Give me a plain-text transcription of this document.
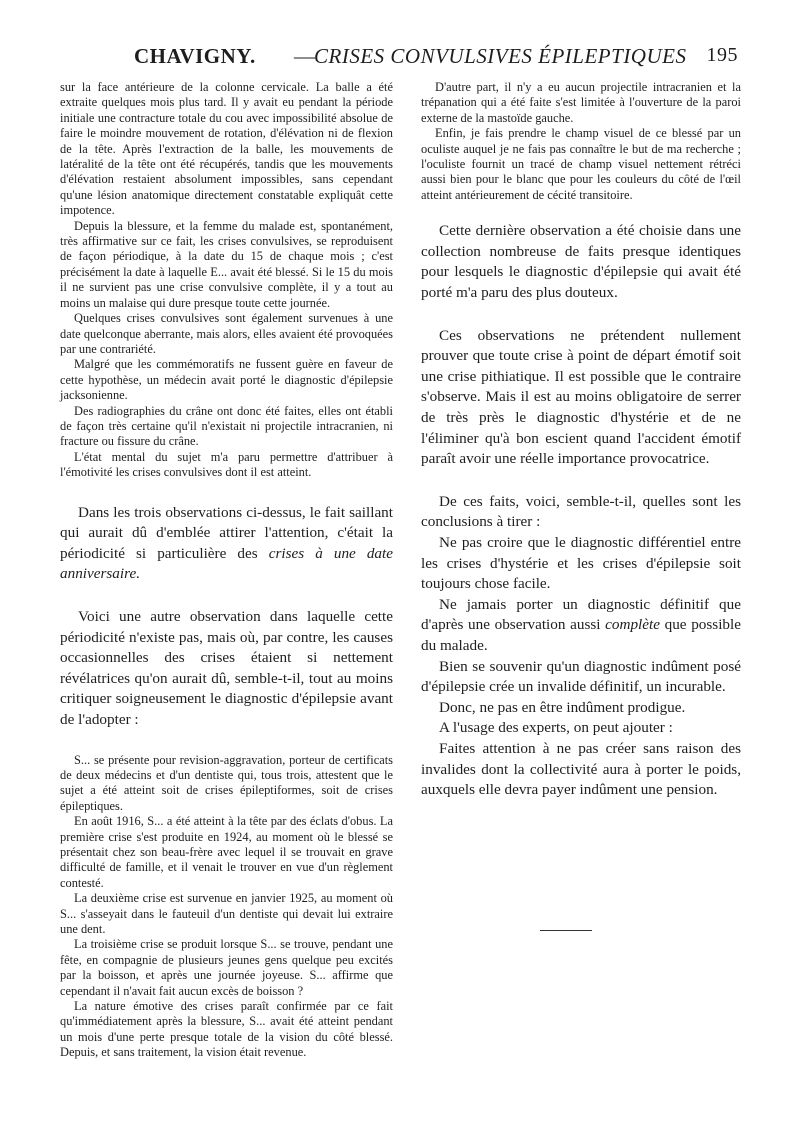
CHAVIGNY. —
CRISES CONVULSIVES ÉPILEPTIQUES 195

sur la face antérieure de la colonne cervicale. La balle a été extraite quelques mois plus tard. Il y avait eu pendant la période initiale une contracture totale du cou avec impossibilité absolue de faire le moindre mouvement de rotation, d'élévation ni de flexion de la tête. Après l'extraction de la balle, les mouvements de latéralité de la tête ont été récupérés, tandis que les mouvements d'élévation restaient absolument impossibles, sans cependant qu'une lésion anatomique directement constatable expliquât cette impotence.

Depuis la blessure, et la femme du malade est, spontanément, très affirmative sur ce fait, les crises convulsives, se reproduisent de façon périodique, à la date du 15 de chaque mois ; c'est précisément la date à laquelle E... avait été blessé. Si le 15 du mois il ne survient pas une crise convulsive complète, il y a tout au moins un malaise qui dure presque toute cette journée.

Quelques crises convulsives sont également survenues à une date quelconque aberrante, mais alors, elles avaient été provoquées par une contrariété.

Malgré que les commémoratifs ne fussent guère en faveur de cette hypothèse, un médecin avait porté le diagnostic d'épilepsie jacksonienne.

Des radiographies du crâne ont donc été faites, elles ont établi de façon très certaine qu'il n'existait ni projectile intracranien, ni fracture ou fissure du crâne.

L'état mental du sujet m'a paru permettre d'attribuer à l'émotivité les crises convulsives dont il est atteint.

Dans les trois observations ci-dessus, le fait saillant qui aurait dû d'emblée attirer l'attention, c'était la périodicité si particulière des crises à une date anniversaire.

Voici une autre observation dans laquelle cette périodicité n'existe pas, mais où, par contre, les causes occasionnelles des crises étaient si nettement révélatrices qu'on aurait dû, semble-t-il, tout au moins critiquer soigneusement le diagnostic d'épilepsie avant de l'adopter :

S... se présente pour revision-aggravation, porteur de certificats de deux médecins et d'un dentiste qui, tous trois, attestent que le sujet a été atteint soit de crises épileptiformes, soit de crises épileptiques.

En août 1916, S... a été atteint à la tête par des éclats d'obus. La première crise s'est produite en 1924, au moment où le blessé se présentait chez son beau-frère avec lequel il se trouvait en grave difficulté de famille, et il venait le trouver en vue d'un règlement contesté.

La deuxième crise est survenue en janvier 1925, au moment où S... s'asseyait dans le fauteuil d'un dentiste qui devait lui extraire une dent.

La troisième crise se produit lorsque S... se trouve, pendant une fête, en compagnie de plusieurs jeunes gens quelque peu excités par la boisson, et après une journée joyeuse. S... affirme que cependant il n'avait fait aucun excès de boisson ?

La nature émotive des crises paraît confirmée par ce fait qu'immédiatement après la blessure, S... avait été atteint pendant un mois d'une perte presque totale de la vision du côté blessé. Depuis, et sans traitement, la vision était revenue.

D'autre part, il n'y a eu aucun projectile intracranien et la trépanation qui a été faite s'est limitée à l'ouverture de la paroi externe de la mastoïde gauche.

Enfin, je fais prendre le champ visuel de ce blessé par un oculiste auquel je ne fais pas connaître le but de ma recherche ; l'oculiste fournit un tracé de champ visuel nettement rétréci aussi bien pour le blanc que pour les couleurs du côté de l'œil atteint antérieurement de cécité transitoire.

Cette dernière observation a été choisie dans une collection nombreuse de faits presque identiques pour lesquels le diagnostic d'épilepsie qui avait été porté m'a paru des plus douteux.

Ces observations ne prétendent nullement prouver que toute crise à point de départ émotif soit une crise pithiatique. Il est possible que le contraire s'observe. Mais il est au moins obligatoire de serrer de très près le diagnostic d'hystérie et de ne l'éliminer qu'à bon escient quand l'accident émotif paraît avoir une réelle importance provocatrice.

De ces faits, voici, semble-t-il, quelles sont les conclusions à tirer :

Ne pas croire que le diagnostic différentiel entre les crises d'hystérie et les crises d'épilepsie soit toujours chose facile.

Ne jamais porter un diagnostic définitif que d'après une observation aussi complète que possible du malade.

Bien se souvenir qu'un diagnostic indûment posé d'épilepsie crée un invalide définitif, un incurable.

Donc, ne pas en être indûment prodigue.

A l'usage des experts, on peut ajouter :

Faites attention à ne pas créer sans raison des invalides dont la collectivité aura à porter le poids, auxquels elle devra payer indûment une pension.
